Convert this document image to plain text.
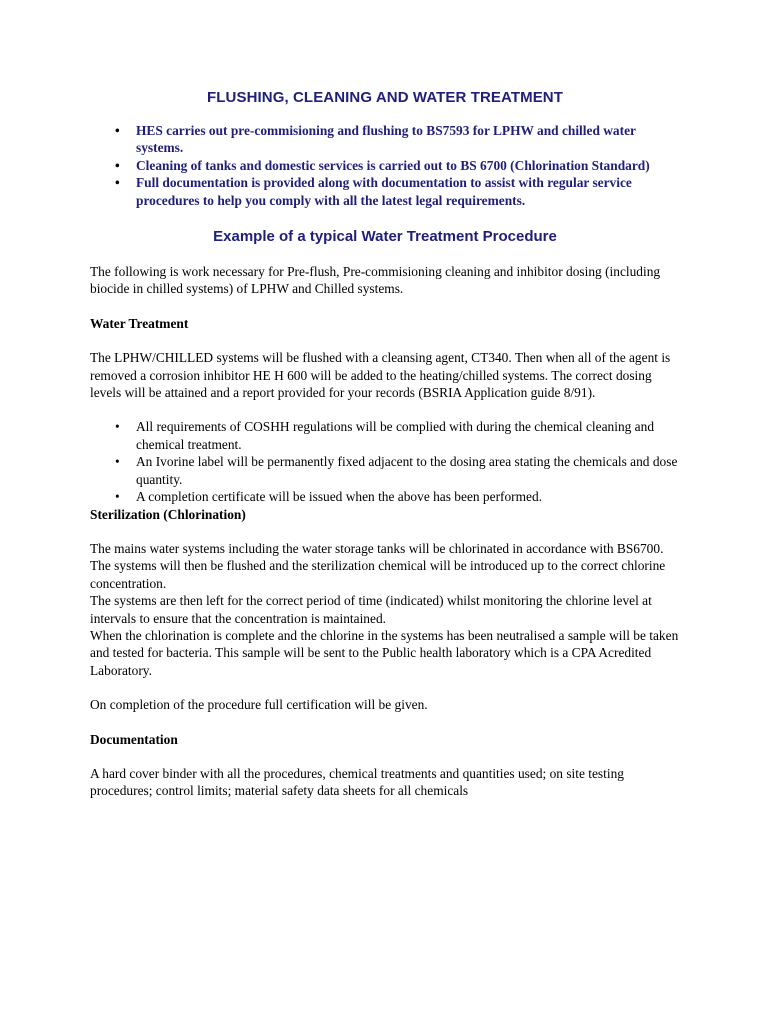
FLUSHING, CLEANING AND WATER TREATMENT
• HES carries out pre-commisioning and flushing to BS7593 for LPHW and chilled water systems.
• Cleaning of tanks and domestic services is carried out to BS 6700 (Chlorination Standard)
• Full documentation is provided along with documentation to assist with regular service procedures to help you comply with all the latest legal requirements.
Example of a typical Water Treatment Procedure

The following is work necessary for Pre-flush, Pre-commisioning cleaning and inhibitor dosing (including biocide in chilled systems) of LPHW and Chilled systems.

Water Treatment

The LPHW/CHILLED systems will be flushed with a cleansing agent, CT340. Then when all of the agent is removed a corrosion inhibitor HE H 600 will be added to the heating/chilled systems. The correct dosing levels will be attained and a report provided for your records (BSRIA Application guide 8/91).

• All requirements of COSHH regulations will be complied with during the chemical cleaning and chemical treatment.
• An Ivorine label will be permanently fixed adjacent to the dosing area stating the chemicals and dose quantity.
• A completion certificate will be issued when the above has been performed.

Sterilization (Chlorination)

The mains water systems including the water storage tanks will be chlorinated in accordance with BS6700.

The systems will then be flushed and the sterilization chemical will be introduced up to the correct chlorine concentration.

The systems are then left for the correct period of time (indicated) whilst monitoring the chlorine level at intervals to ensure that the concentration is maintained.

When the chlorination is complete and the chlorine in the systems has been neutralised a sample will be taken and tested for bacteria. This sample will be sent to the Public health laboratory which is a CPA Acredited Laboratory.

On completion of the procedure full certification will be given.

Documentation

A hard cover binder with all the procedures, chemical treatments and quantities used; on site testing procedures; control limits; material safety data sheets for all chemicals
